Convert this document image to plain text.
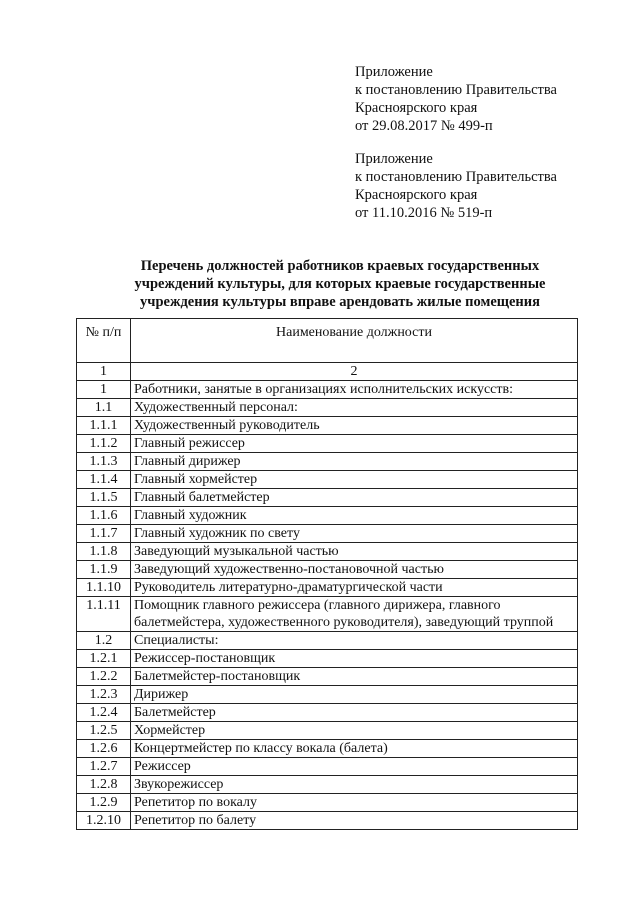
Приложение
к постановлению Правительства
Красноярского края
от 29.08.2017 № 499-п
Приложение
к постановлению Правительства
Красноярского края
от 11.10.2016 № 519-п
Перечень должностей работников краевых государственных
учреждений культуры, для которых краевые государственные
учреждения культуры вправе арендовать жилые помещения
№ п/п	Наименование должности
1	2
1	Работники, занятые в организациях исполнительских искусств:
1.1	Художественный персонал:
1.1.1	Художественный руководитель
1.1.2	Главный режиссер
1.1.3	Главный дирижер
1.1.4	Главный хормейстер
1.1.5	Главный балетмейстер
1.1.6	Главный художник
1.1.7	Главный художник по свету
1.1.8	Заведующий музыкальной частью
1.1.9	Заведующий художественно-постановочной частью
1.1.10	Руководитель литературно-драматургической части
1.1.11	Помощник главного режиссера (главного дирижера, главного балетмейстера, художественного руководителя), заведующий труппой
1.2	Специалисты:
1.2.1	Режиссер-постановщик
1.2.2	Балетмейстер-постановщик
1.2.3	Дирижер
1.2.4	Балетмейстер
1.2.5	Хормейстер
1.2.6	Концертмейстер по классу вокала (балета)
1.2.7	Режиссер
1.2.8	Звукорежиссер
1.2.9	Репетитор по вокалу
1.2.10	Репетитор по балету
